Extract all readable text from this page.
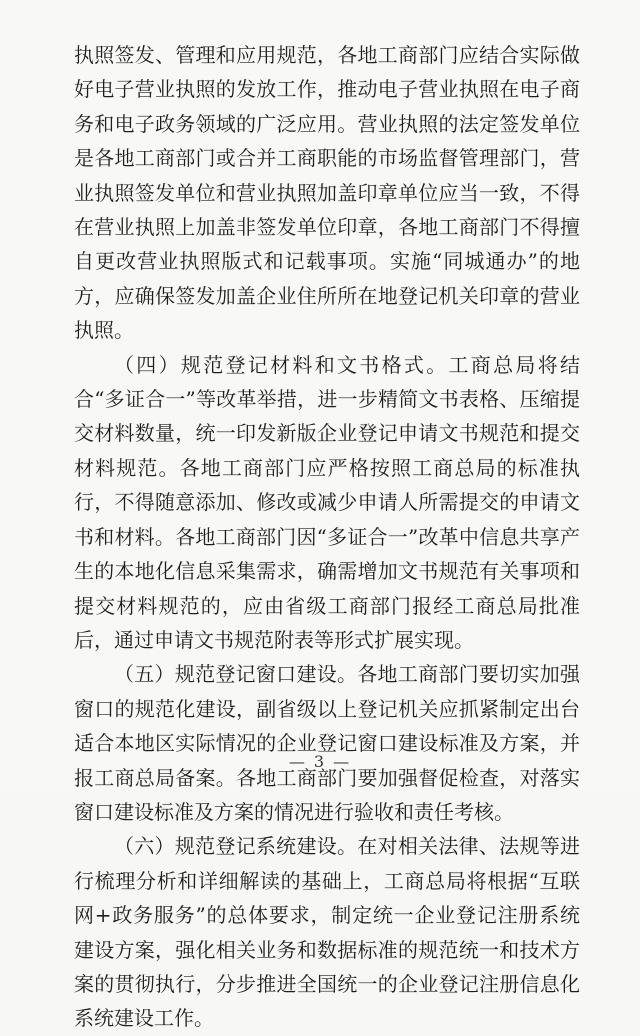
执照签发、管理和应用规范，各地工商部门应结合实际做好电子营业执照的发放工作，推动电子营业执照在电子商务和电子政务领域的广泛应用。营业执照的法定签发单位是各地工商部门或合并工商职能的市场监督管理部门，营业执照签发单位和营业执照加盖印章单位应当一致，不得在营业执照上加盖非签发单位印章，各地工商部门不得擅自更改营业执照版式和记载事项。实施“同城通办”的地方，应确保签发加盖企业住所所在地登记机关印章的营业执照。

（四）规范登记材料和文书格式。工商总局将结合“多证合一”等改革举措，进一步精简文书表格、压缩提交材料数量，统一印发新版企业登记申请文书规范和提交材料规范。各地工商部门应严格按照工商总局的标准执行，不得随意添加、修改或减少申请人所需提交的申请文书和材料。各地工商部门因“多证合一”改革中信息共享产生的本地化信息采集需求，确需增加文书规范有关事项和提交材料规范的，应由省级工商部门报经工商总局批准后，通过申请文书规范附表等形式扩展实现。

（五）规范登记窗口建设。各地工商部门要切实加强窗口的规范化建设，副省级以上登记机关应抓紧制定出台适合本地区实际情况的企业登记窗口建设标准及方案，并报工商总局备案。各地工商部门要加强督促检查，对落实窗口建设标准及方案的情况进行验收和责任考核。

（六）规范登记系统建设。在对相关法律、法规等进行梳理分析和详细解读的基础上，工商总局将根据“互联网+政务服务”的总体要求，制定统一企业登记注册系统建设方案，强化相关业务和数据标准的规范统一和技术方案的贯彻执行，分步推进全国统一的企业登记注册信息化系统建设工作。

— 3 —
